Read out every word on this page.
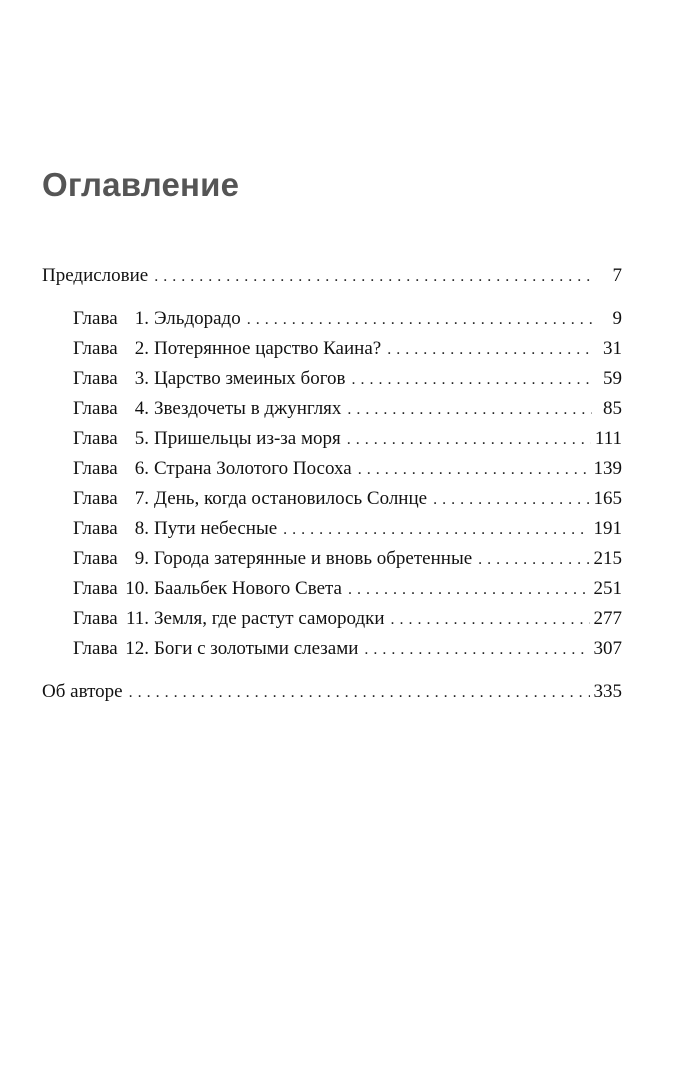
Оглавление
Предисловие . . .	7
Глава 1. Эльдорадо . . .	9
Глава 2. Потерянное царство Каина? . . .	31
Глава 3. Царство змеиных богов . . .	59
Глава 4. Звездочеты в джунглях . . .	85
Глава 5. Пришельцы из-за моря . . .	111
Глава 6. Страна Золотого Посоха . . .	139
Глава 7. День, когда остановилось Солнце . . .	165
Глава 8. Пути небесные . . .	191
Глава 9. Города затерянные и вновь обретенные . . .	215
Глава 10. Баальбек Нового Света . . .	251
Глава 11. Земля, где растут самородки . . .	277
Глава 12. Боги с золотыми слезами . . .	307
Об авторе . . .	335
